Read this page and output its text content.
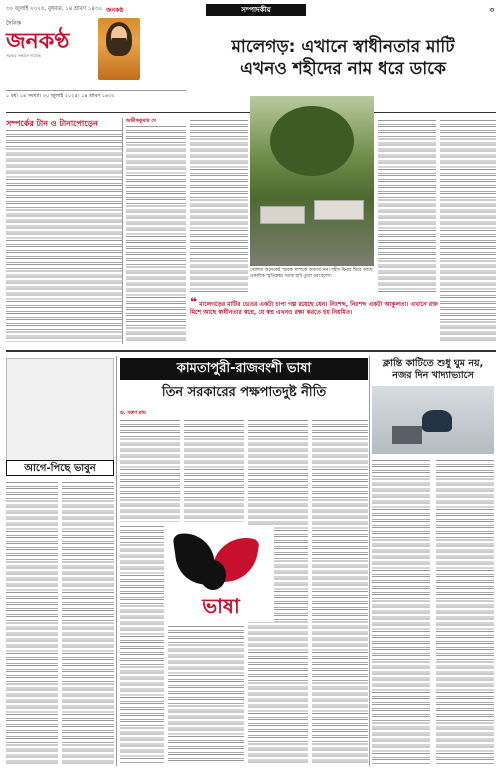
৩০ জুলাই ২০২৫, বুধবার, ১৪ শ্রাবণ ১৪৩২ জনকণ্ঠ	সম্পাদকীয়	৩
দৈনিক
জনকণ্ঠ
সত্যের সন্ধানে দায়বদ্ধ
১ বর্ষ। ১৪ সংখ্যা। ৩০ জুলাই ২০২৫। ১৪ শ্রাবণ ১৪৩২
মালেগড়: এখানে স্বাধীনতার মাটি
এখনও শহীদের নাম ধরে ডাকে
সম্পর্কের টান ও টানাপোড়েন	অভীককুমার দে
জেলায় অনেকেই স্মারক সম্পর্কে অবগত নন। শহীদ মিনার ঘিরে আছে একাধিক স্মৃতিস্তম্ভ। আজ ছবি তুলে ধরা হলো।
❝ মালেগড়ের মাটির ভেতর একটা চাপা গল্প রয়েছে যেন। নিঃশব্দ, নিঃশব্দ একটা আকুলতা। এখানে রক্ত মিশে আছে স্বাধীনতার স্বপ্নে, যে স্বপ্ন এখনও রক্ষা করতে হয় নিয়মিত।
আগে-পিছে ভাবুন
কামতাপুরী-রাজবংশী ভাষা
তিন সরকারের পক্ষপাতদুষ্ট নীতি
ড. বরুণ রায়
ভাষা
ক্লান্তি কাটিতে শুধু ঘুম নয়, নজর দিন খাদ্যাভ্যাসে
